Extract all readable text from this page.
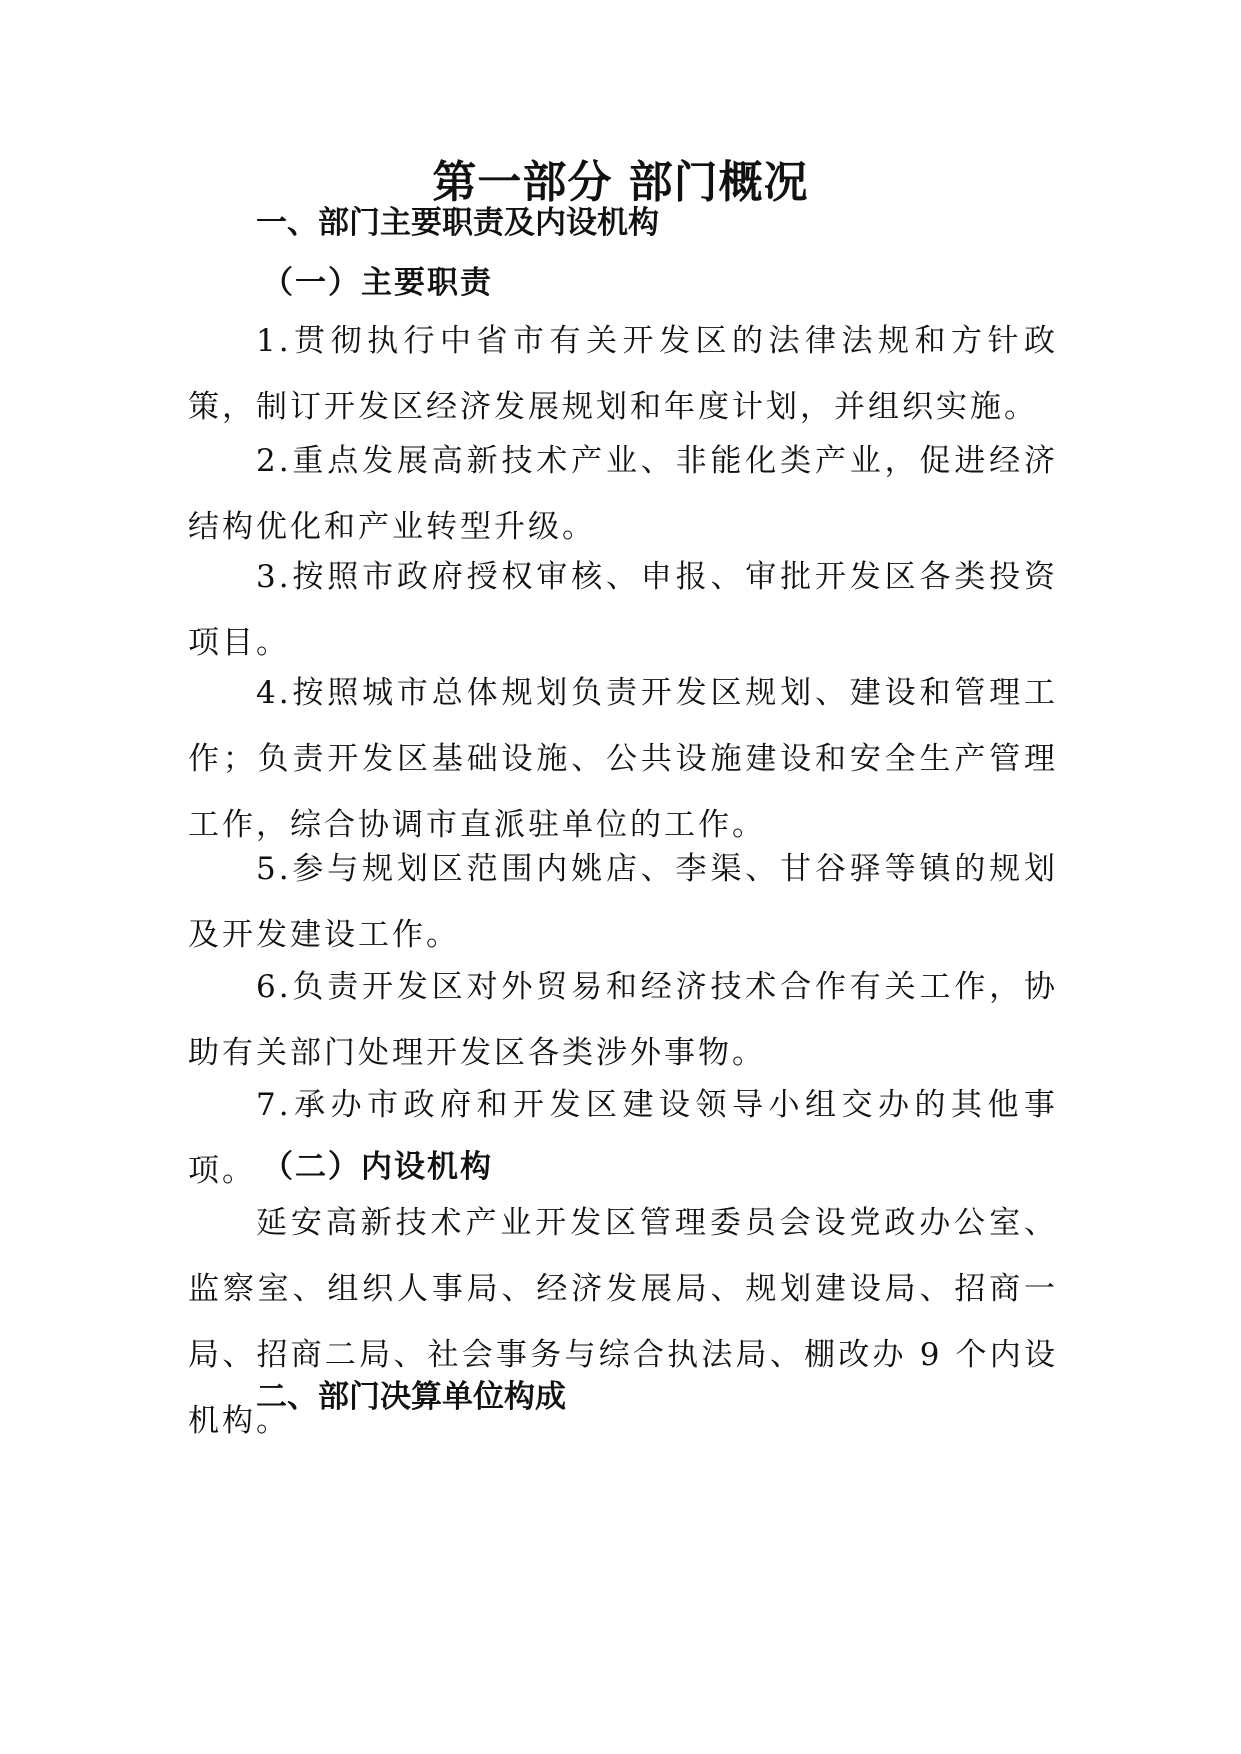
第一部分 部门概况
一、部门主要职责及内设机构
（一）主要职责

1.贯彻执行中省市有关开发区的法律法规和方针政策，制订开发区经济发展规划和年度计划，并组织实施。

2.重点发展高新技术产业、非能化类产业，促进经济结构优化和产业转型升级。

3.按照市政府授权审核、申报、审批开发区各类投资项目。

4.按照城市总体规划负责开发区规划、建设和管理工作；负责开发区基础设施、公共设施建设和安全生产管理工作，综合协调市直派驻单位的工作。

5.参与规划区范围内姚店、李渠、甘谷驿等镇的规划及开发建设工作。

6.负责开发区对外贸易和经济技术合作有关工作，协助有关部门处理开发区各类涉外事物。

7.承办市政府和开发区建设领导小组交办的其他事项。 （二）内设机构

延安高新技术产业开发区管理委员会设党政办公室、监察室、组织人事局、经济发展局、规划建设局、招商一局、招商二局、社会事务与综合执法局、棚改办 9 个内设机构。

二、部门决算单位构成
